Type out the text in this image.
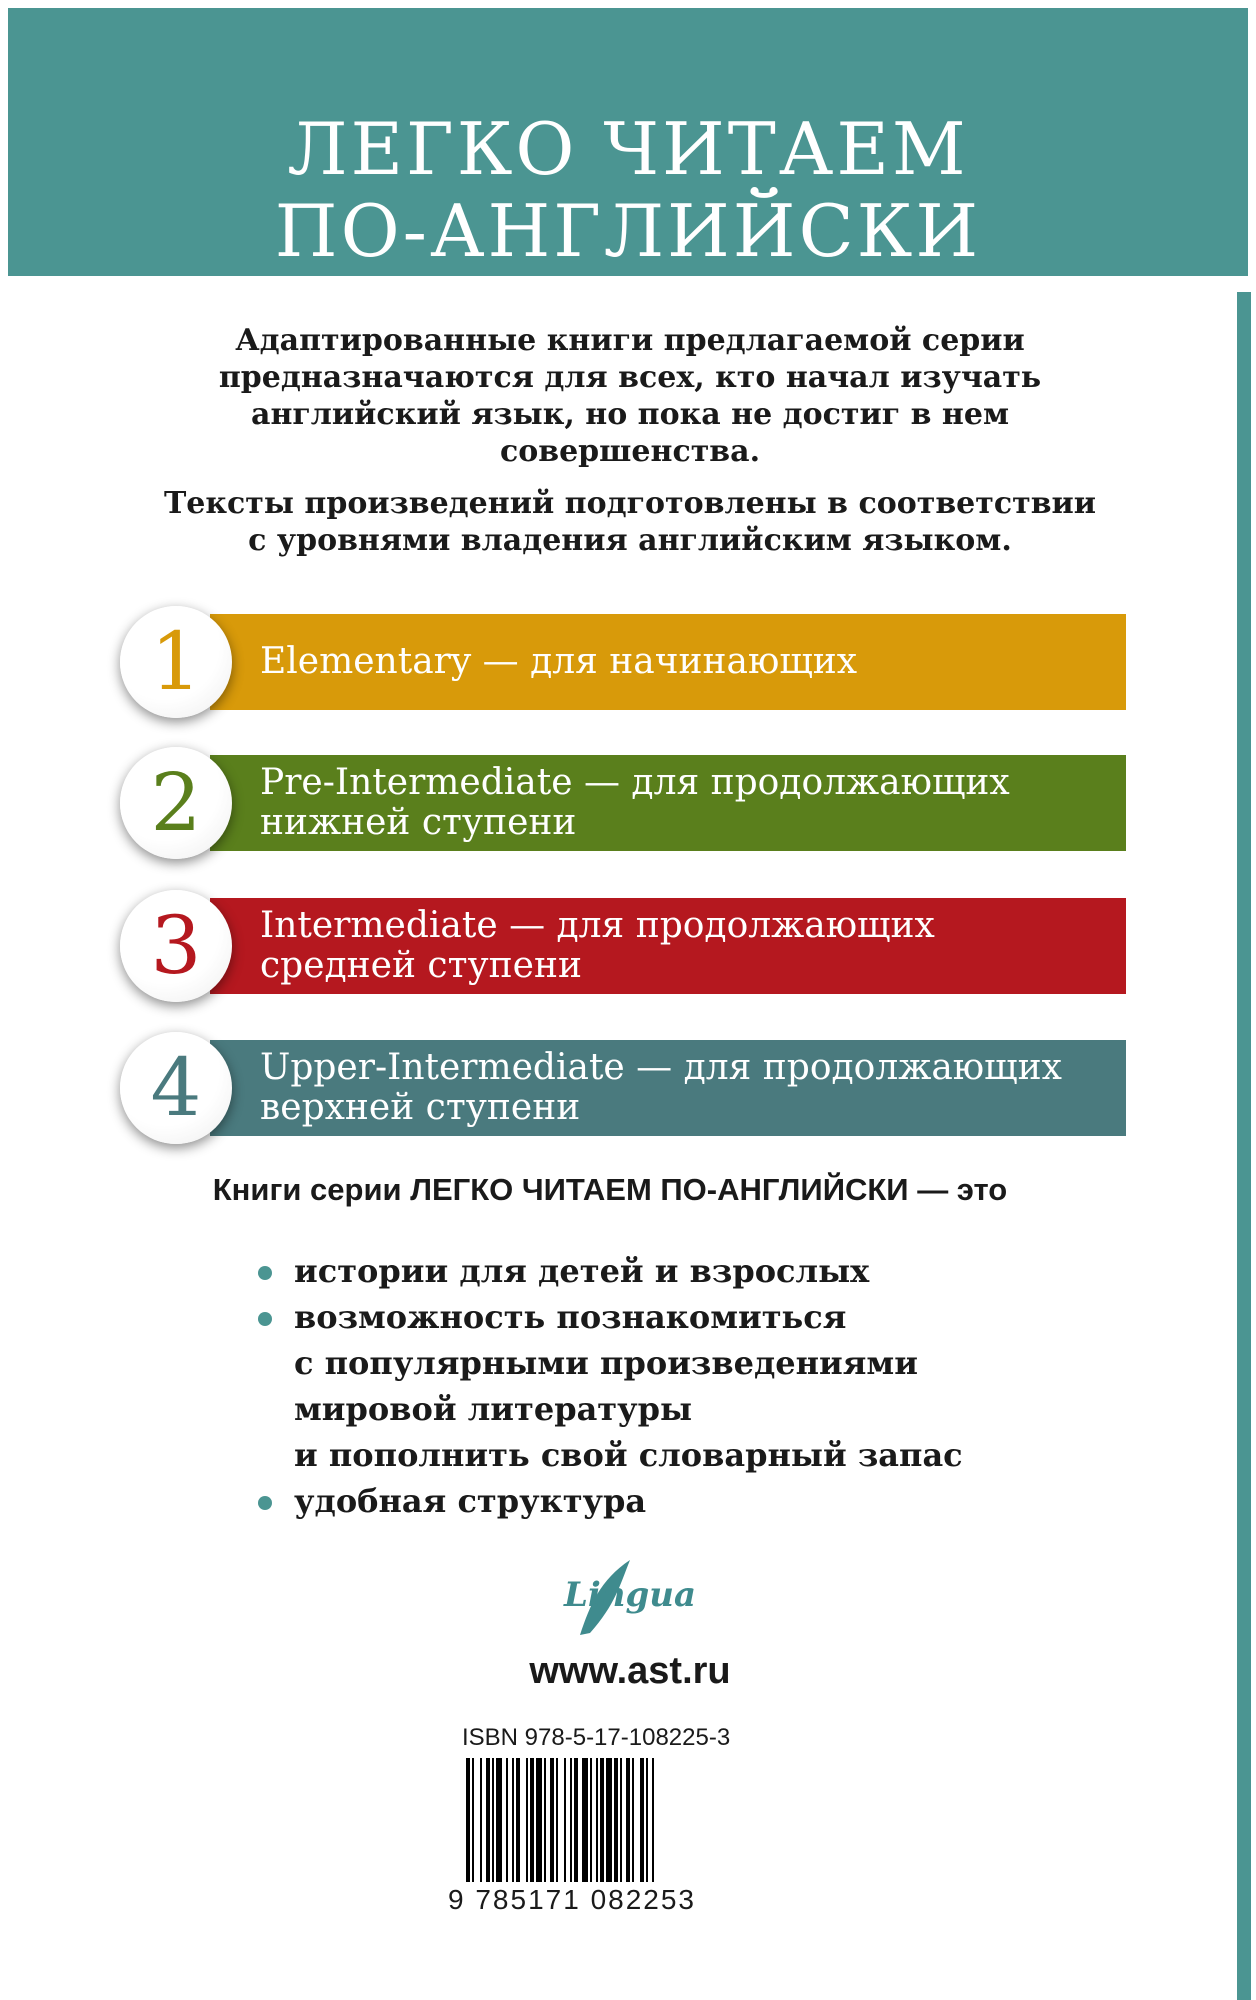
ЛЕГКО ЧИТАЕМ
ПО-АНГЛИЙСКИ

Адаптированные книги предлагаемой серии предназначаются для всех, кто начал изучать английский язык, но пока не достиг в нем совершенства.

Тексты произведений подготовлены в соответствии с уровнями владения английским языком.

1	Elementary — для начинающих
2	Pre-Intermediate — для продолжающих
нижней ступени
3	Intermediate — для продолжающих
средней ступени
4	Upper-Intermediate — для продолжающих
верхней ступени
Книги серии ЛЕГКО ЧИТАЕМ ПО-АНГЛИЙСКИ — это
истории для детей и взрослых
возможность познакомиться
с популярными произведениями
мировой литературы
и пополнить свой словарный запас
удобная структура
Lingua
www.ast.ru
ISBN 978-5-17-108225-3
9 785171 082253
